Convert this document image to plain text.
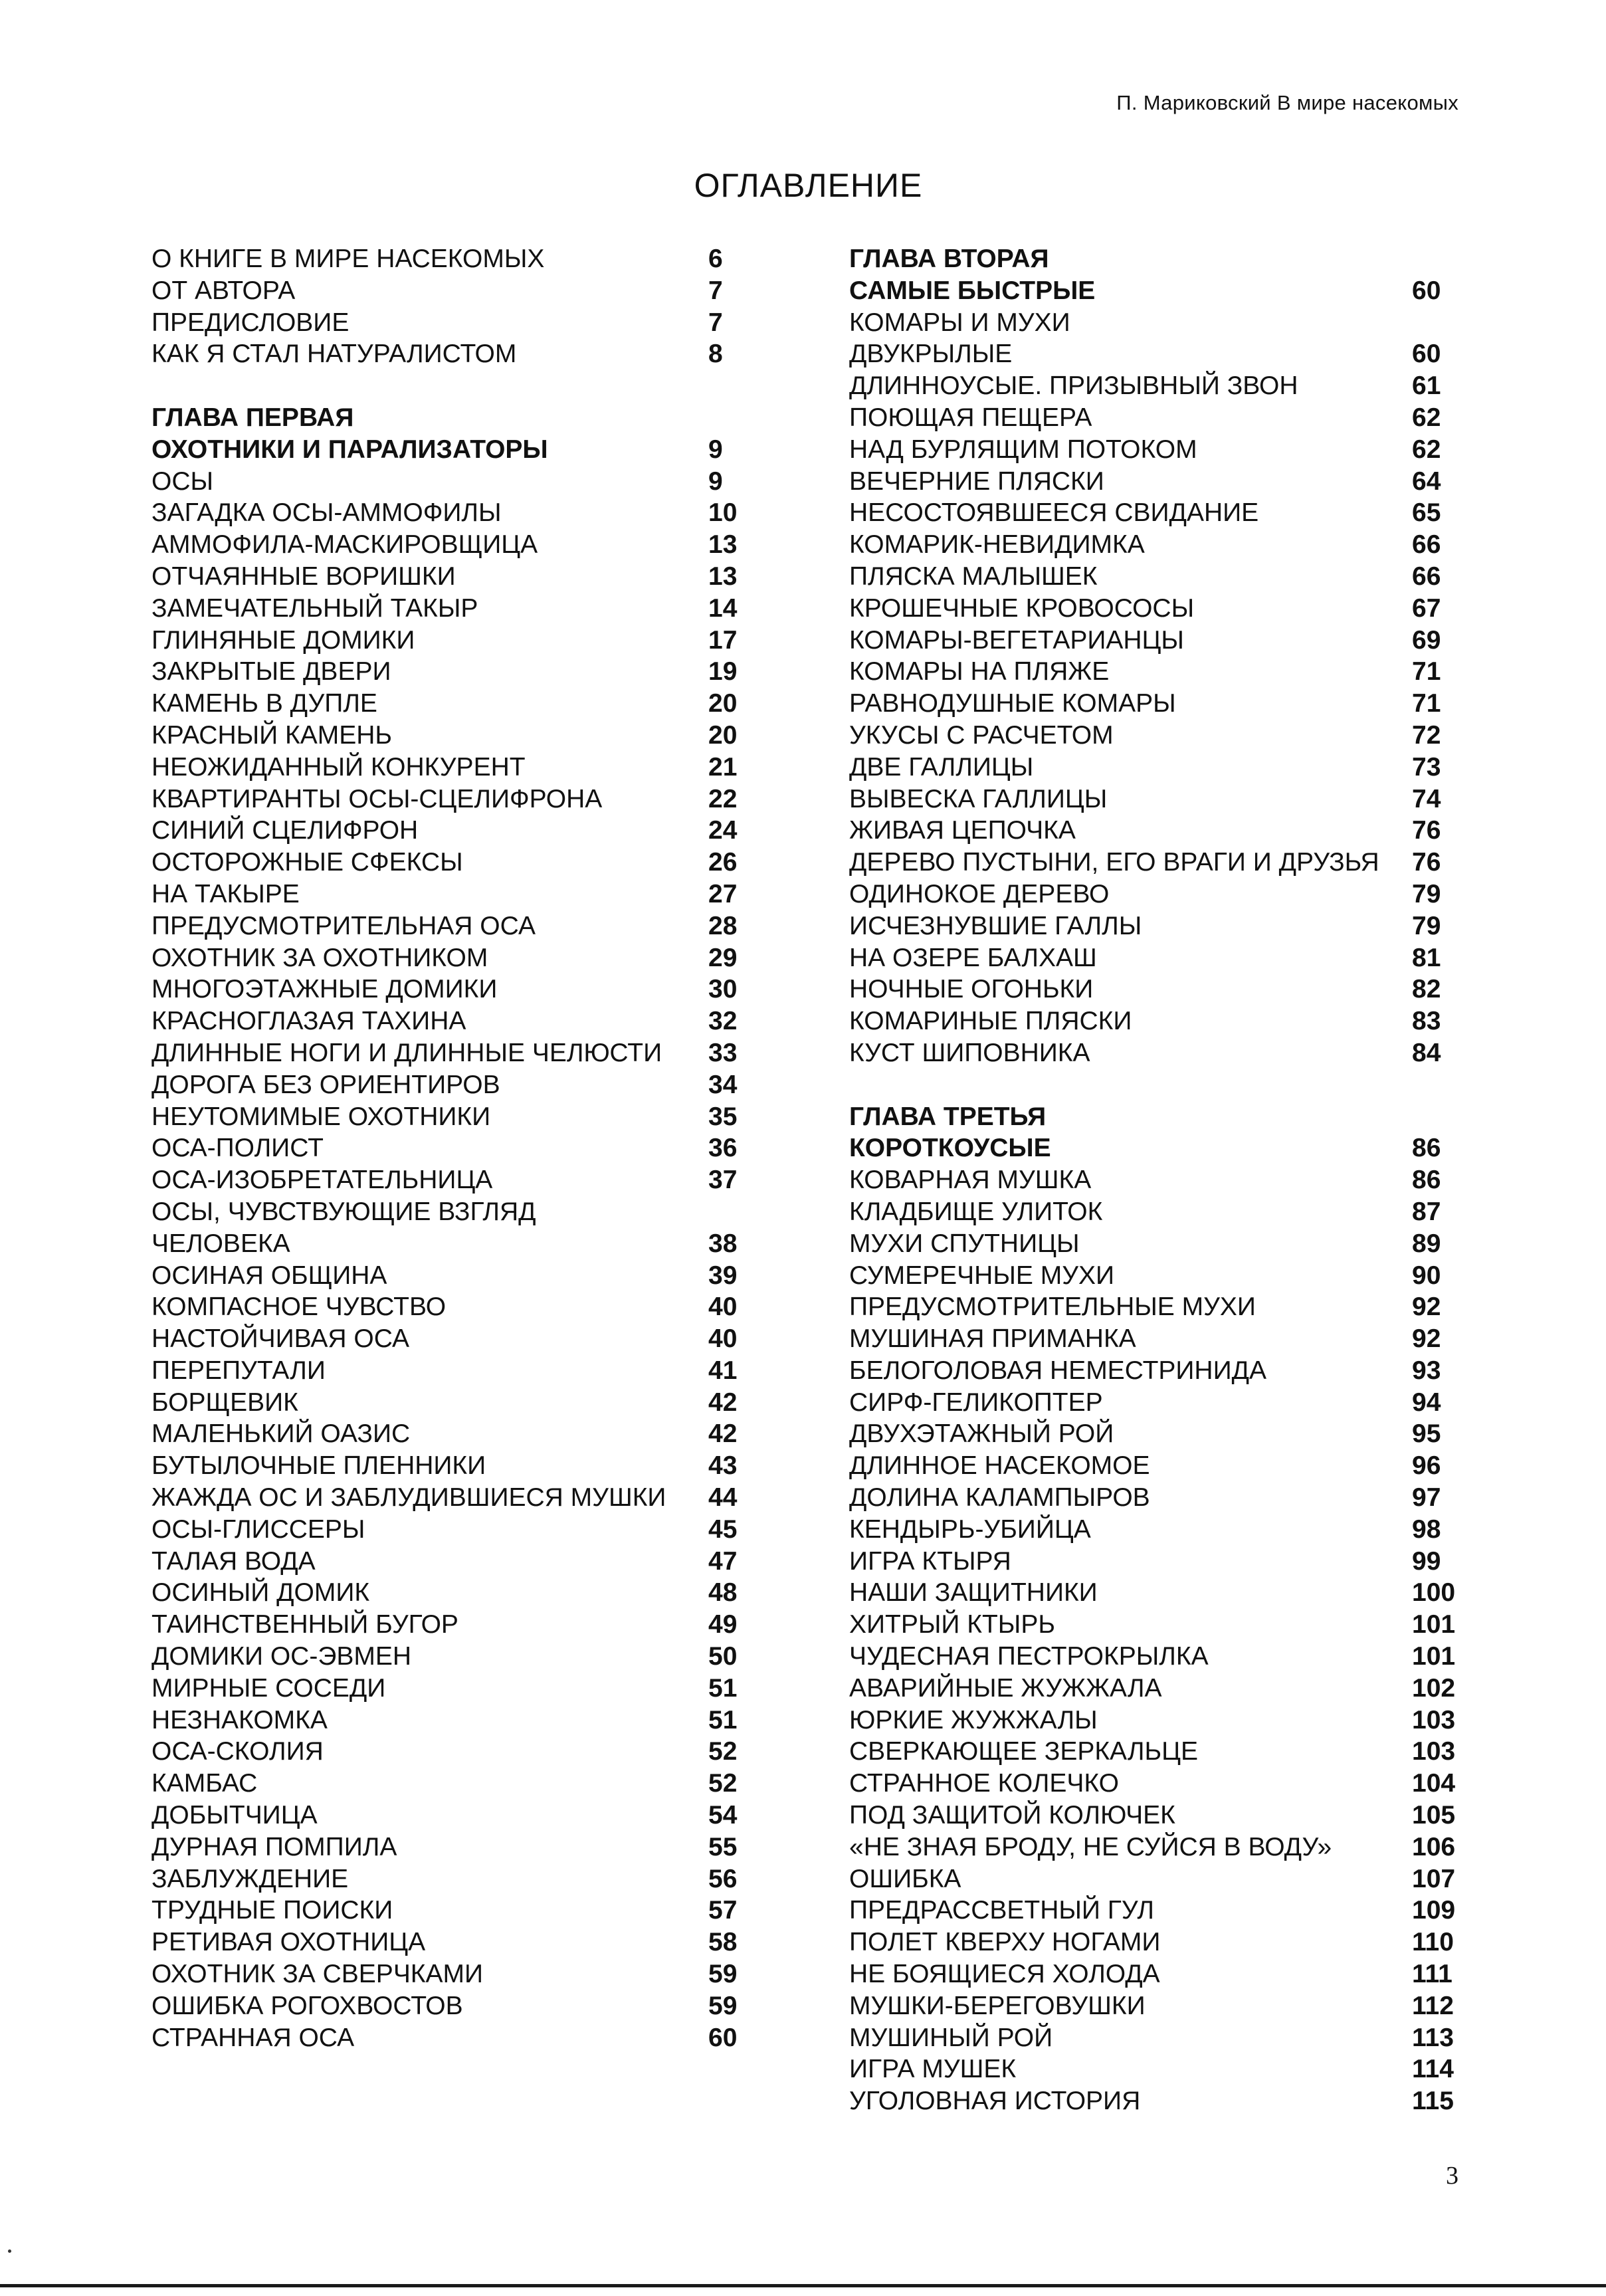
П. Мариковский В мире насекомых
ОГЛАВЛЕНИЕ
О КНИГЕ В МИРЕ НАСЕКОМЫХ	6
ОТ АВТОРА	7
ПРЕДИСЛОВИЕ	7
КАК Я СТАЛ НАТУРАЛИСТОМ	8
ГЛАВА ПЕРВАЯ
ОХОТНИКИ И ПАРАЛИЗАТОРЫ	9
ОСЫ	9
ЗАГАДКА ОСЫ-АММОФИЛЫ	10
АММОФИЛА-МАСКИРОВЩИЦА	13
ОТЧАЯННЫЕ ВОРИШКИ	13
ЗАМЕЧАТЕЛЬНЫЙ ТАКЫР	14
ГЛИНЯНЫЕ ДОМИКИ	17
ЗАКРЫТЫЕ ДВЕРИ	19
КАМЕНЬ В ДУПЛЕ	20
КРАСНЫЙ КАМЕНЬ	20
НЕОЖИДАННЫЙ КОНКУРЕНТ	21
КВАРТИРАНТЫ ОСЫ-СЦЕЛИФРОНА	22
СИНИЙ СЦЕЛИФРОН	24
ОСТОРОЖНЫЕ СФЕКСЫ	26
НА ТАКЫРЕ	27
ПРЕДУСМОТРИТЕЛЬНАЯ ОСА	28
ОХОТНИК ЗА ОХОТНИКОМ	29
МНОГОЭТАЖНЫЕ ДОМИКИ	30
КРАСНОГЛАЗАЯ ТАХИНА	32
ДЛИННЫЕ НОГИ И ДЛИННЫЕ ЧЕЛЮСТИ 33
ДОРОГА БЕЗ ОРИЕНТИРОВ	34
НЕУТОМИМЫЕ ОХОТНИКИ	35
ОСА-ПОЛИСТ	36
ОСА-ИЗОБРЕТАТЕЛЬНИЦА	37
ОСЫ, ЧУВСТВУЮЩИЕ ВЗГЛЯД
ЧЕЛОВЕКА	38
ОСИНАЯ ОБЩИНА	39
КОМПАСНОЕ ЧУВСТВО	40
НАСТОЙЧИВАЯ ОСА	40
ПЕРЕПУТАЛИ	41
БОРЩЕВИК	42
МАЛЕНЬКИЙ ОАЗИС	42
БУТЫЛОЧНЫЕ ПЛЕННИКИ	43
ЖАЖДА ОС И ЗАБЛУДИВШИЕСЯ МУШКИ 44
ОСЫ-ГЛИССЕРЫ	45
ТАЛАЯ ВОДА	47
ОСИНЫЙ ДОМИК	48
ТАИНСТВЕННЫЙ БУГОР	49
ДОМИКИ ОС-ЭВМЕН	50
МИРНЫЕ СОСЕДИ	51
НЕЗНАКОМКА	51
ОСА-СКОЛИЯ	52
КАМБАС	52
ДОБЫТЧИЦА	54
ДУРНАЯ ПОМПИЛА	55
ЗАБЛУЖДЕНИЕ	56
ТРУДНЫЕ ПОИСКИ	57
РЕТИВАЯ ОХОТНИЦА	58
ОХОТНИК ЗА СВЕРЧКАМИ	59
ОШИБКА РОГОХВОСТОВ	59
СТРАННАЯ ОСА	60
ГЛАВА ВТОРАЯ
САМЫЕ БЫСТРЫЕ	60
КОМАРЫ И МУХИ
ДВУКРЫЛЫЕ	60
ДЛИННОУСЫЕ. ПРИЗЫВНЫЙ ЗВОН	61
ПОЮЩАЯ ПЕЩЕРА	62
НАД БУРЛЯЩИМ ПОТОКОМ	62
ВЕЧЕРНИЕ ПЛЯСКИ	64
НЕСОСТОЯВШЕЕСЯ СВИДАНИЕ	65
КОМАРИК-НЕВИДИМКА	66
ПЛЯСКА МАЛЫШЕК	66
КРОШЕЧНЫЕ КРОВОСОСЫ	67
КОМАРЫ-ВЕГЕТАРИАНЦЫ	69
КОМАРЫ НА ПЛЯЖЕ	71
РАВНОДУШНЫЕ КОМАРЫ	71
УКУСЫ С РАСЧЕТОМ	72
ДВЕ ГАЛЛИЦЫ	73
ВЫВЕСКА ГАЛЛИЦЫ	74
ЖИВАЯ ЦЕПОЧКА	76
ДЕРЕВО ПУСТЫНИ, ЕГО ВРАГИ И ДРУЗЬЯ 76
ОДИНОКОЕ ДЕРЕВО	79
ИСЧЕЗНУВШИЕ ГАЛЛЫ	79
НА ОЗЕРЕ БАЛХАШ	81
НОЧНЫЕ ОГОНЬКИ	82
КОМАРИНЫЕ ПЛЯСКИ	83
КУСТ ШИПОВНИКА	84
ГЛАВА ТРЕТЬЯ
КОРОТКОУСЫЕ	86
КОВАРНАЯ МУШКА	86
КЛАДБИЩЕ УЛИТОК	87
МУХИ СПУТНИЦЫ	89
СУМЕРЕЧНЫЕ МУХИ	90
ПРЕДУСМОТРИТЕЛЬНЫЕ МУХИ	92
МУШИНАЯ ПРИМАНКА	92
БЕЛОГОЛОВАЯ НЕМЕСТРИНИДА	93
СИРФ-ГЕЛИКОПТЕР	94
ДВУХЭТАЖНЫЙ РОЙ	95
ДЛИННОЕ НАСЕКОМОЕ	96
ДОЛИНА КАЛАМПЫРОВ	97
КЕНДЫРЬ-УБИЙЦА	98
ИГРА КТЫРЯ	99
НАШИ ЗАЩИТНИКИ	100
ХИТРЫЙ КТЫРЬ	101
ЧУДЕСНАЯ ПЕСТРОКРЫЛКА	101
АВАРИЙНЫЕ ЖУЖЖАЛА	102
ЮРКИЕ ЖУЖЖАЛЫ	103
СВЕРКАЮЩЕЕ ЗЕРКАЛЬЦЕ	103
СТРАННОЕ КОЛЕЧКО	104
ПОД ЗАЩИТОЙ КОЛЮЧЕК	105
«НЕ ЗНАЯ БРОДУ, НЕ СУЙСЯ В ВОДУ»	106
ОШИБКА	107
ПРЕДРАССВЕТНЫЙ ГУЛ	109
ПОЛЕТ КВЕРХУ НОГАМИ	110
НЕ БОЯЩИЕСЯ ХОЛОДА	111
МУШКИ-БЕРЕГОВУШКИ	112
МУШИНЫЙ РОЙ	113
ИГРА МУШЕК	114
УГОЛОВНАЯ ИСТОРИЯ	115
3
